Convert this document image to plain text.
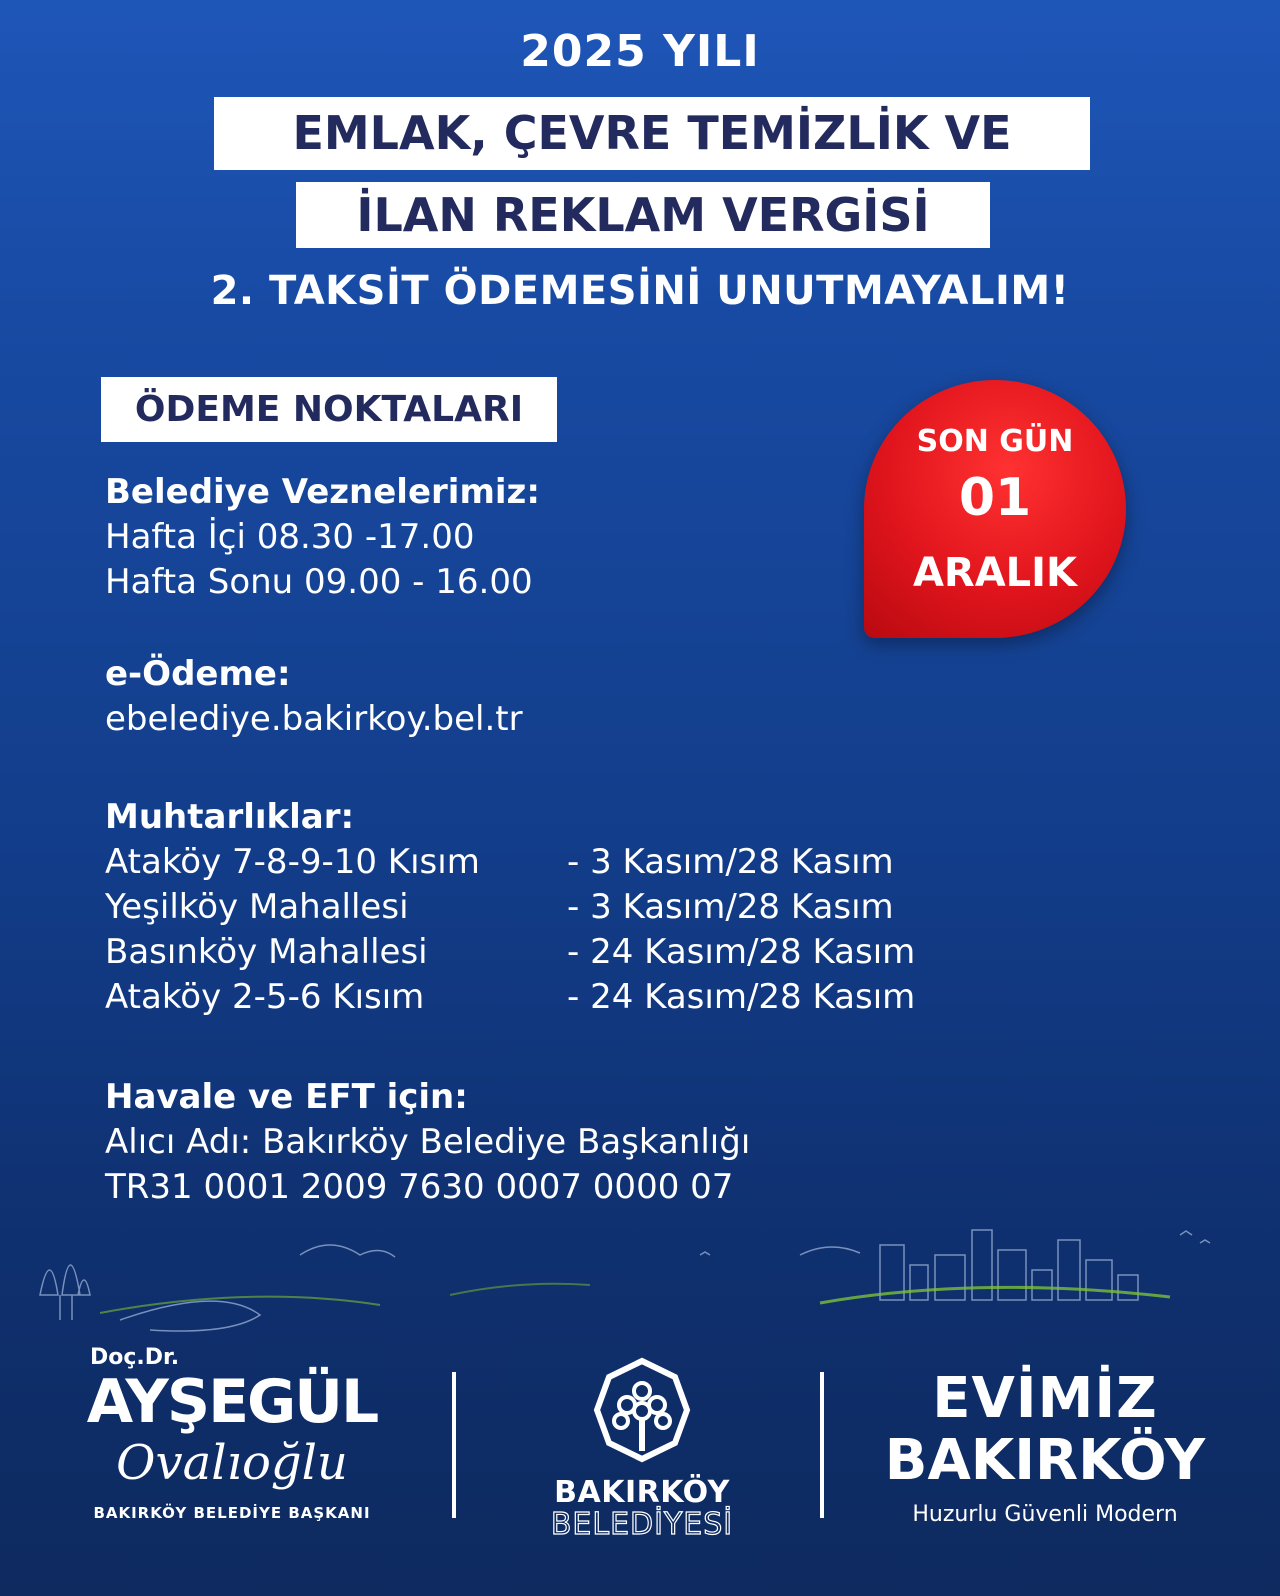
2025 YILI
EMLAK, ÇEVRE TEMİZLİK VE
İLAN REKLAM VERGİSİ
2. TAKSİT ÖDEMESİNİ UNUTMAYALIM!
ÖDEME NOKTALARI
SON GÜN
01
ARALIK
Belediye Veznelerimiz:
Hafta İçi 08.30 -17.00
Hafta Sonu 09.00 - 16.00
e-Ödeme:
ebelediye.bakirkoy.bel.tr
Muhtarlıklar:
Ataköy 7-8-9-10 Kısım	- 3 Kasım/28 Kasım
Yeşilköy Mahallesi	- 3 Kasım/28 Kasım
Basınköy Mahallesi	- 24 Kasım/28 Kasım
Ataköy 2-5-6 Kısım	- 24 Kasım/28 Kasım
Havale ve EFT için:
Alıcı Adı: Bakırköy Belediye Başkanlığı
TR31 0001 2009 7630 0007 0000 07
Doç.Dr.
AYŞEGÜL
Ovalıoğlu
BAKIRKÖY BELEDİYE BAŞKANI
BAKIRKÖY
BELEDİYESİ
EVİMİZ
BAKIRKÖY
Huzurlu Güvenli Modern
